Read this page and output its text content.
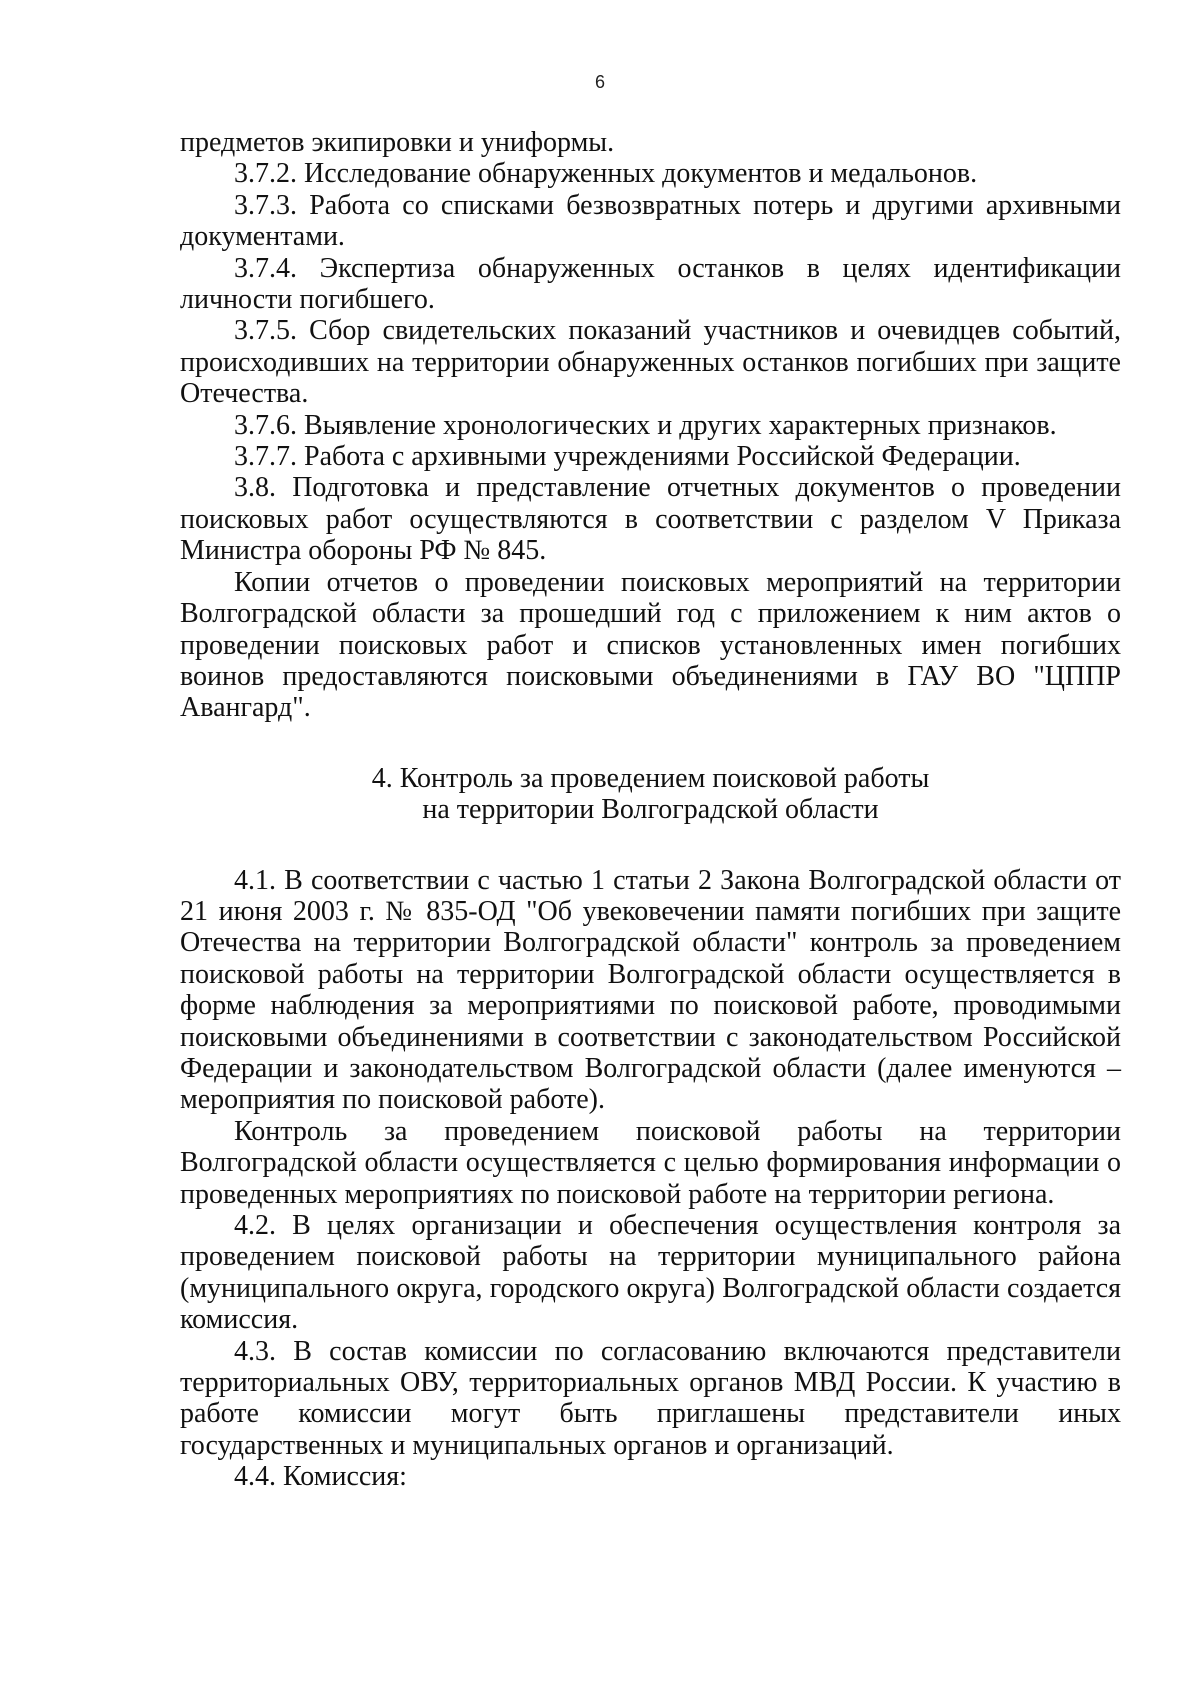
6

предметов экипировки и униформы.

3.7.2. Исследование обнаруженных документов и медальонов.

3.7.3. Работа со списками безвозвратных потерь и другими архивными документами.

3.7.4. Экспертиза обнаруженных останков в целях идентификации личности погибшего.

3.7.5. Сбор свидетельских показаний участников и очевидцев событий, происходивших на территории обнаруженных останков погибших при защите Отечества.

3.7.6. Выявление хронологических и других характерных признаков.

3.7.7. Работа с архивными учреждениями Российской Федерации.

3.8. Подготовка и представление отчетных документов о проведении поисковых работ осуществляются в соответствии с разделом V Приказа Министра обороны РФ № 845.

Копии отчетов о проведении поисковых мероприятий на территории Волгоградской области за прошедший год с приложением к ним актов о проведении поисковых работ и списков установленных имен погибших воинов предоставляются поисковыми объединениями в ГАУ ВО "ЦППР Авангард".

4. Контроль за проведением поисковой работы
на территории Волгоградской области

4.1. В соответствии с частью 1 статьи 2 Закона Волгоградской области от 21 июня 2003 г. № 835-ОД "Об увековечении памяти погибших при защите Отечества на территории Волгоградской области" контроль за проведением поисковой работы на территории Волгоградской области осуществляется в форме наблюдения за мероприятиями по поисковой работе, проводимыми поисковыми объединениями в соответствии с законодательством Российской Федерации и законодательством Волгоградской области (далее именуются – мероприятия по поисковой работе).

Контроль за проведением поисковой работы на территории Волгоградской области осуществляется с целью формирования информации о проведенных мероприятиях по поисковой работе на территории региона.

4.2. В целях организации и обеспечения осуществления контроля за проведением поисковой работы на территории муниципального района (муниципального округа, городского округа) Волгоградской области создается комиссия.

4.3. В состав комиссии по согласованию включаются представители территориальных ОВУ, территориальных органов МВД России. К участию в работе комиссии могут быть приглашены представители иных государственных и муниципальных органов и организаций.

4.4. Комиссия:
